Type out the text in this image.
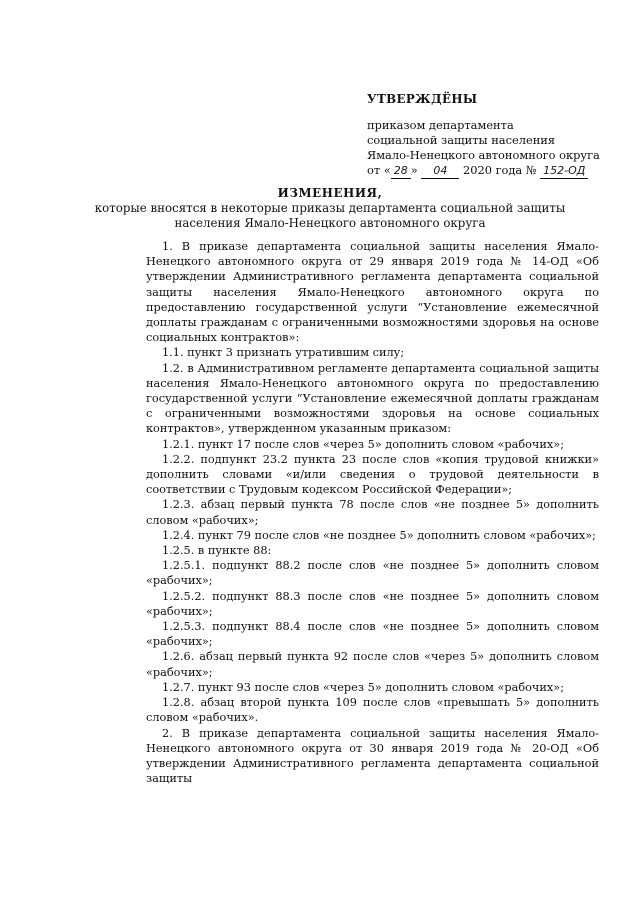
УТВЕРЖДЁНЫ
приказом департамента
социальной защиты населения
Ямало-Ненецкого автономного округа
от « 28 » 04 2020 года № 152-ОД
ИЗМЕНЕНИЯ,
которые вносятся в некоторые приказы департамента социальной защиты
населения Ямало-Ненецкого автономного округа

1. В приказе департамента социальной защиты населения Ямало-Ненецкого автономного округа от 29 января 2019 года № 14-ОД «Об утверждении Административного регламента департамента социальной защиты населения Ямало-Ненецкого автономного округа по предоставлению государственной услуги “Установление ежемесячной доплаты гражданам с ограниченными возможностями здоровья на основе социальных контрактов»:

1.1. пункт 3 признать утратившим силу;

1.2. в Административном регламенте департамента социальной защиты населения Ямало-Ненецкого автономного округа по предоставлению государственной услуги “Установление ежемесячной доплаты гражданам с ограниченными возможностями здоровья на основе социальных контрактов», утвержденном указанным приказом:

1.2.1. пункт 17 после слов «через 5» дополнить словом «рабочих»;

1.2.2. подпункт 23.2 пункта 23 после слов «копия трудовой книжки» дополнить словами «и/или сведения о трудовой деятельности в соответствии с Трудовым кодексом Российской Федерации»;

1.2.3. абзац первый пункта 78 после слов «не позднее 5» дополнить словом «рабочих»;

1.2.4. пункт 79 после слов «не позднее 5» дополнить словом «рабочих»;

1.2.5. в пункте 88:

1.2.5.1. подпункт 88.2 после слов «не позднее 5» дополнить словом «рабочих»;

1.2.5.2. подпункт 88.3 после слов «не позднее 5» дополнить словом «рабочих»;

1.2.5.3. подпункт 88.4 после слов «не позднее 5» дополнить словом «рабочих»;

1.2.6. абзац первый пункта 92 после слов «через 5» дополнить словом «рабочих»;

1.2.7. пункт 93 после слов «через 5» дополнить словом «рабочих»;

1.2.8. абзац второй пункта 109 после слов «превышать 5» дополнить словом «рабочих».

2. В приказе департамента социальной защиты населения Ямало-Ненецкого автономного округа от 30 января 2019 года № 20-ОД «Об утверждении Административного регламента департамента социальной защиты
